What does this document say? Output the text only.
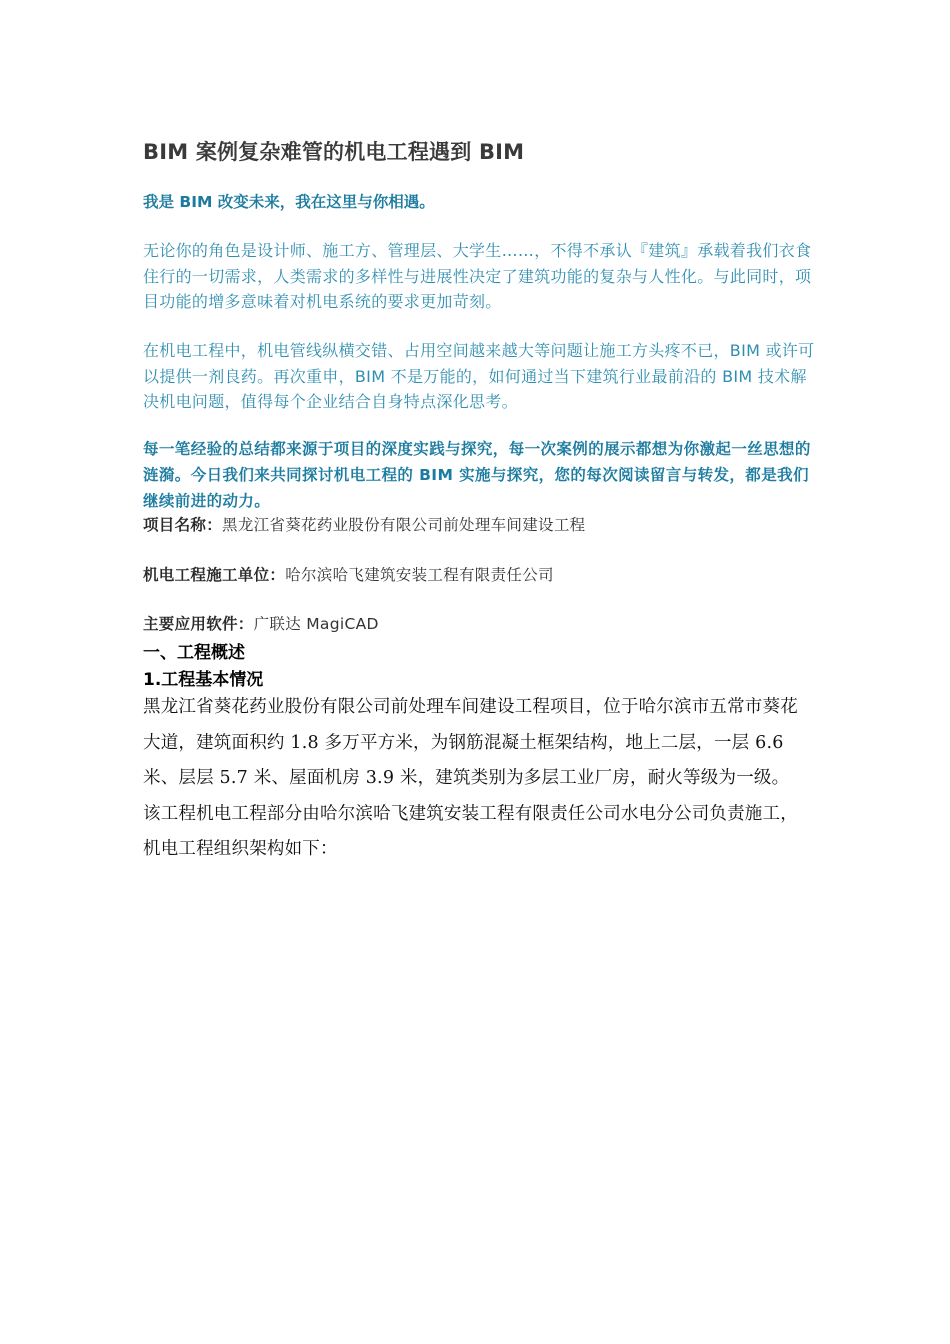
BIM 案例复杂难管的机电工程遇到 BIM
我是 BIM 改变未来，我在这里与你相遇。
无论你的角色是设计师、施工方、管理层、大学生……，不得不承认『建筑』承载着我们衣食住行的一切需求，人类需求的多样性与进展性决定了建筑功能的复杂与人性化。与此同时，项目功能的增多意味着对机电系统的要求更加苛刻。
在机电工程中，机电管线纵横交错、占用空间越来越大等问题让施工方头疼不已，BIM 或许可以提供一剂良药。再次重申，BIM 不是万能的，如何通过当下建筑行业最前沿的 BIM 技术解决机电问题，值得每个企业结合自身特点深化思考。
每一笔经验的总结都来源于项目的深度实践与探究，每一次案例的展示都想为你激起一丝思想的涟漪。今日我们来共同探讨机电工程的 BIM 实施与探究，您的每次阅读留言与转发，都是我们继续前进的动力。
项目名称：黑龙江省葵花药业股份有限公司前处理车间建设工程
机电工程施工单位：哈尔滨哈飞建筑安装工程有限责任公司
主要应用软件：广联达 MagiCAD
一、工程概述
1.工程基本情况
黑龙江省葵花药业股份有限公司前处理车间建设工程项目，位于哈尔滨市五常市葵花大道，建筑面积约 1.8 多万平方米，为钢筋混凝土框架结构，地上二层，一层 6.6 米、层层 5.7 米、屋面机房 3.9 米，建筑类别为多层工业厂房，耐火等级为一级。该工程机电工程部分由哈尔滨哈飞建筑安装工程有限责任公司水电分公司负责施工，机电工程组织架构如下：
